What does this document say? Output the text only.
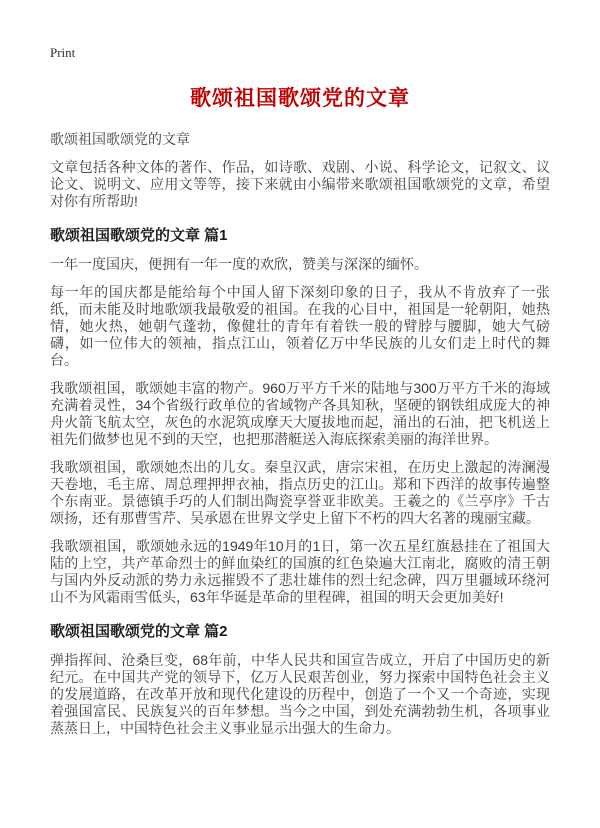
Print
歌颂祖国歌颂党的文章

歌颂祖国歌颂党的文章

文章包括各种文体的著作、作品，如诗歌、戏剧、小说、科学论文，记叙文、议论文、说明文、应用文等等，接下来就由小编带来歌颂祖国歌颂党的文章，希望对你有所帮助!

歌颂祖国歌颂党的文章 篇1

一年一度国庆，便拥有一年一度的欢欣，赞美与深深的缅怀。

每一年的国庆都是能给每个中国人留下深刻印象的日子，我从不肯放弃了一张纸，而未能及时地歌颂我最敬爱的祖国。在我的心目中，祖国是一轮朝阳，她热情，她火热，她朝气蓬勃，像健壮的青年有着铁一般的臂脖与腰脚，她大气磅礴，如一位伟大的领袖，指点江山，领着亿万中华民族的儿女们走上时代的舞台。

我歌颂祖国，歌颂她丰富的物产。960万平方千米的陆地与300万平方千米的海域充满着灵性，34个省级行政单位的省域物产各具知秋，坚硬的钢铁组成庞大的神舟火箭飞航太空，灰色的水泥筑成摩天大厦拔地而起，涌出的石油，把飞机送上祖先们做梦也见不到的天空，也把那潜艇送入海底探索美丽的海洋世界。

我歌颂祖国，歌颂她杰出的儿女。秦皇汉武，唐宗宋祖，在历史上激起的涛澜漫天卷地，毛主席、周总理押押衣袖，指点历史的江山。郑和下西洋的故事传遍整个东南亚。景德镇手巧的人们制出陶瓷享誉亚非欧美。王羲之的《兰亭序》千古颂扬，还有那曹雪芹、吴承恩在世界文学史上留下不朽的四大名著的瑰丽宝藏。

我歌颂祖国，歌颂她永远的1949年10月的1日，第一次五星红旗悬挂在了祖国大陆的上空，共产革命烈士的鲜血染红的国旗的红色染遍大江南北，腐败的清王朝与国内外反动派的势力永远摧毁不了悲壮雄伟的烈士纪念碑，四万里疆域环绕河山不为风霜雨雪低头，63年华诞是革命的里程碑，祖国的明天会更加美好!

歌颂祖国歌颂党的文章 篇2

弹指挥间、沧桑巨变，68年前，中华人民共和国宣告成立，开启了中国历史的新纪元。在中国共产党的领导下，亿万人民艰苦创业，努力探索中国特色社会主义的发展道路，在改革开放和现代化建设的历程中，创造了一个又一个奇迹，实现着强国富民、民族复兴的百年梦想。当今之中国，到处充满勃勃生机，各项事业蒸蒸日上，中国特色社会主义事业显示出强大的生命力。
